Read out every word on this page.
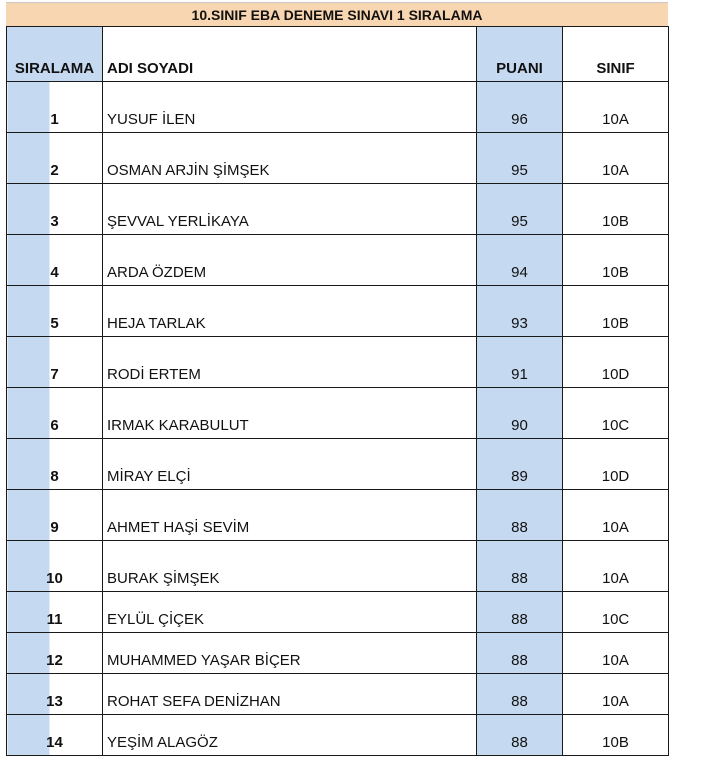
10.SINIF EBA DENEME SINAVI 1 SIRALAMA
SIRALAMA	ADI SOYADI	PUANI	SINIF
1	YUSUF İLEN	96	10A
2	OSMAN ARJİN ŞİMŞEK	95	10A
3	ŞEVVAL YERLİKAYA	95	10B
4	ARDA ÖZDEM	94	10B
5	HEJA TARLAK	93	10B
7	RODİ ERTEM	91	10D
6	IRMAK KARABULUT	90	10C
8	MİRAY ELÇİ	89	10D
9	AHMET HAŞİ SEVİM	88	10A
10	BURAK ŞİMŞEK	88	10A
11	EYLÜL ÇİÇEK	88	10C
12	MUHAMMED YAŞAR BİÇER	88	10A
13	ROHAT SEFA DENİZHAN	88	10A
14	YEŞİM ALAGÖZ	88	10B
